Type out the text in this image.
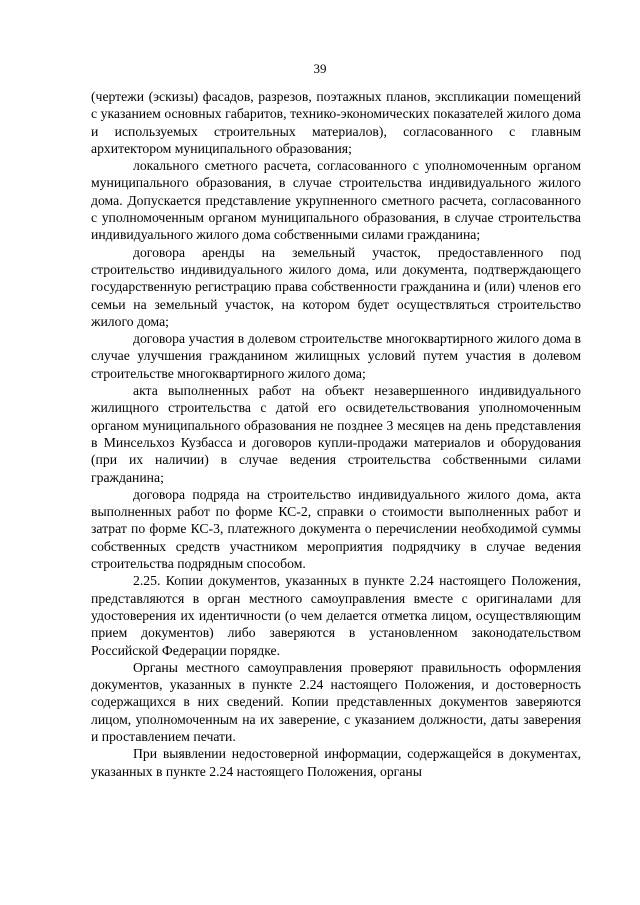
39

(чертежи (эскизы) фасадов, разрезов, поэтажных планов, экспликации помещений с указанием основных габаритов, технико-экономических показателей жилого дома и используемых строительных материалов), согласованного с главным архитектором муниципального образования;

локального сметного расчета, согласованного с уполномоченным органом муниципального образования, в случае строительства индивидуального жилого дома. Допускается представление укрупненного сметного расчета, согласованного с уполномоченным органом муниципального образования, в случае строительства индивидуального жилого дома собственными силами гражданина;

договора аренды на земельный участок, предоставленного под строительство индивидуального жилого дома, или документа, подтверждающего государственную регистрацию права собственности гражданина и (или) членов его семьи на земельный участок, на котором будет осуществляться строительство жилого дома;

договора участия в долевом строительстве многоквартирного жилого дома в случае улучшения гражданином жилищных условий путем участия в долевом строительстве многоквартирного жилого дома;

акта выполненных работ на объект незавершенного индивидуального жилищного строительства с датой его освидетельствования уполномоченным органом муниципального образования не позднее 3 месяцев на день представления в Минсельхоз Кузбасса и договоров купли-продажи материалов и оборудования (при их наличии) в случае ведения строительства собственными силами гражданина;

договора подряда на строительство индивидуального жилого дома, акта выполненных работ по форме КС-2, справки о стоимости выполненных работ и затрат по форме КС-3, платежного документа о перечислении необходимой суммы собственных средств участником мероприятия подрядчику в случае ведения строительства подрядным способом.

2.25. Копии документов, указанных в пункте 2.24 настоящего Положения, представляются в орган местного самоуправления вместе с оригиналами для удостоверения их идентичности (о чем делается отметка лицом, осуществляющим прием документов) либо заверяются в установленном законодательством Российской Федерации порядке.

Органы местного самоуправления проверяют правильность оформления документов, указанных в пункте 2.24 настоящего Положения, и достоверность содержащихся в них сведений. Копии представленных документов заверяются лицом, уполномоченным на их заверение, с указанием должности, даты заверения и проставлением печати.

При выявлении недостоверной информации, содержащейся в документах, указанных в пункте 2.24 настоящего Положения, органы
